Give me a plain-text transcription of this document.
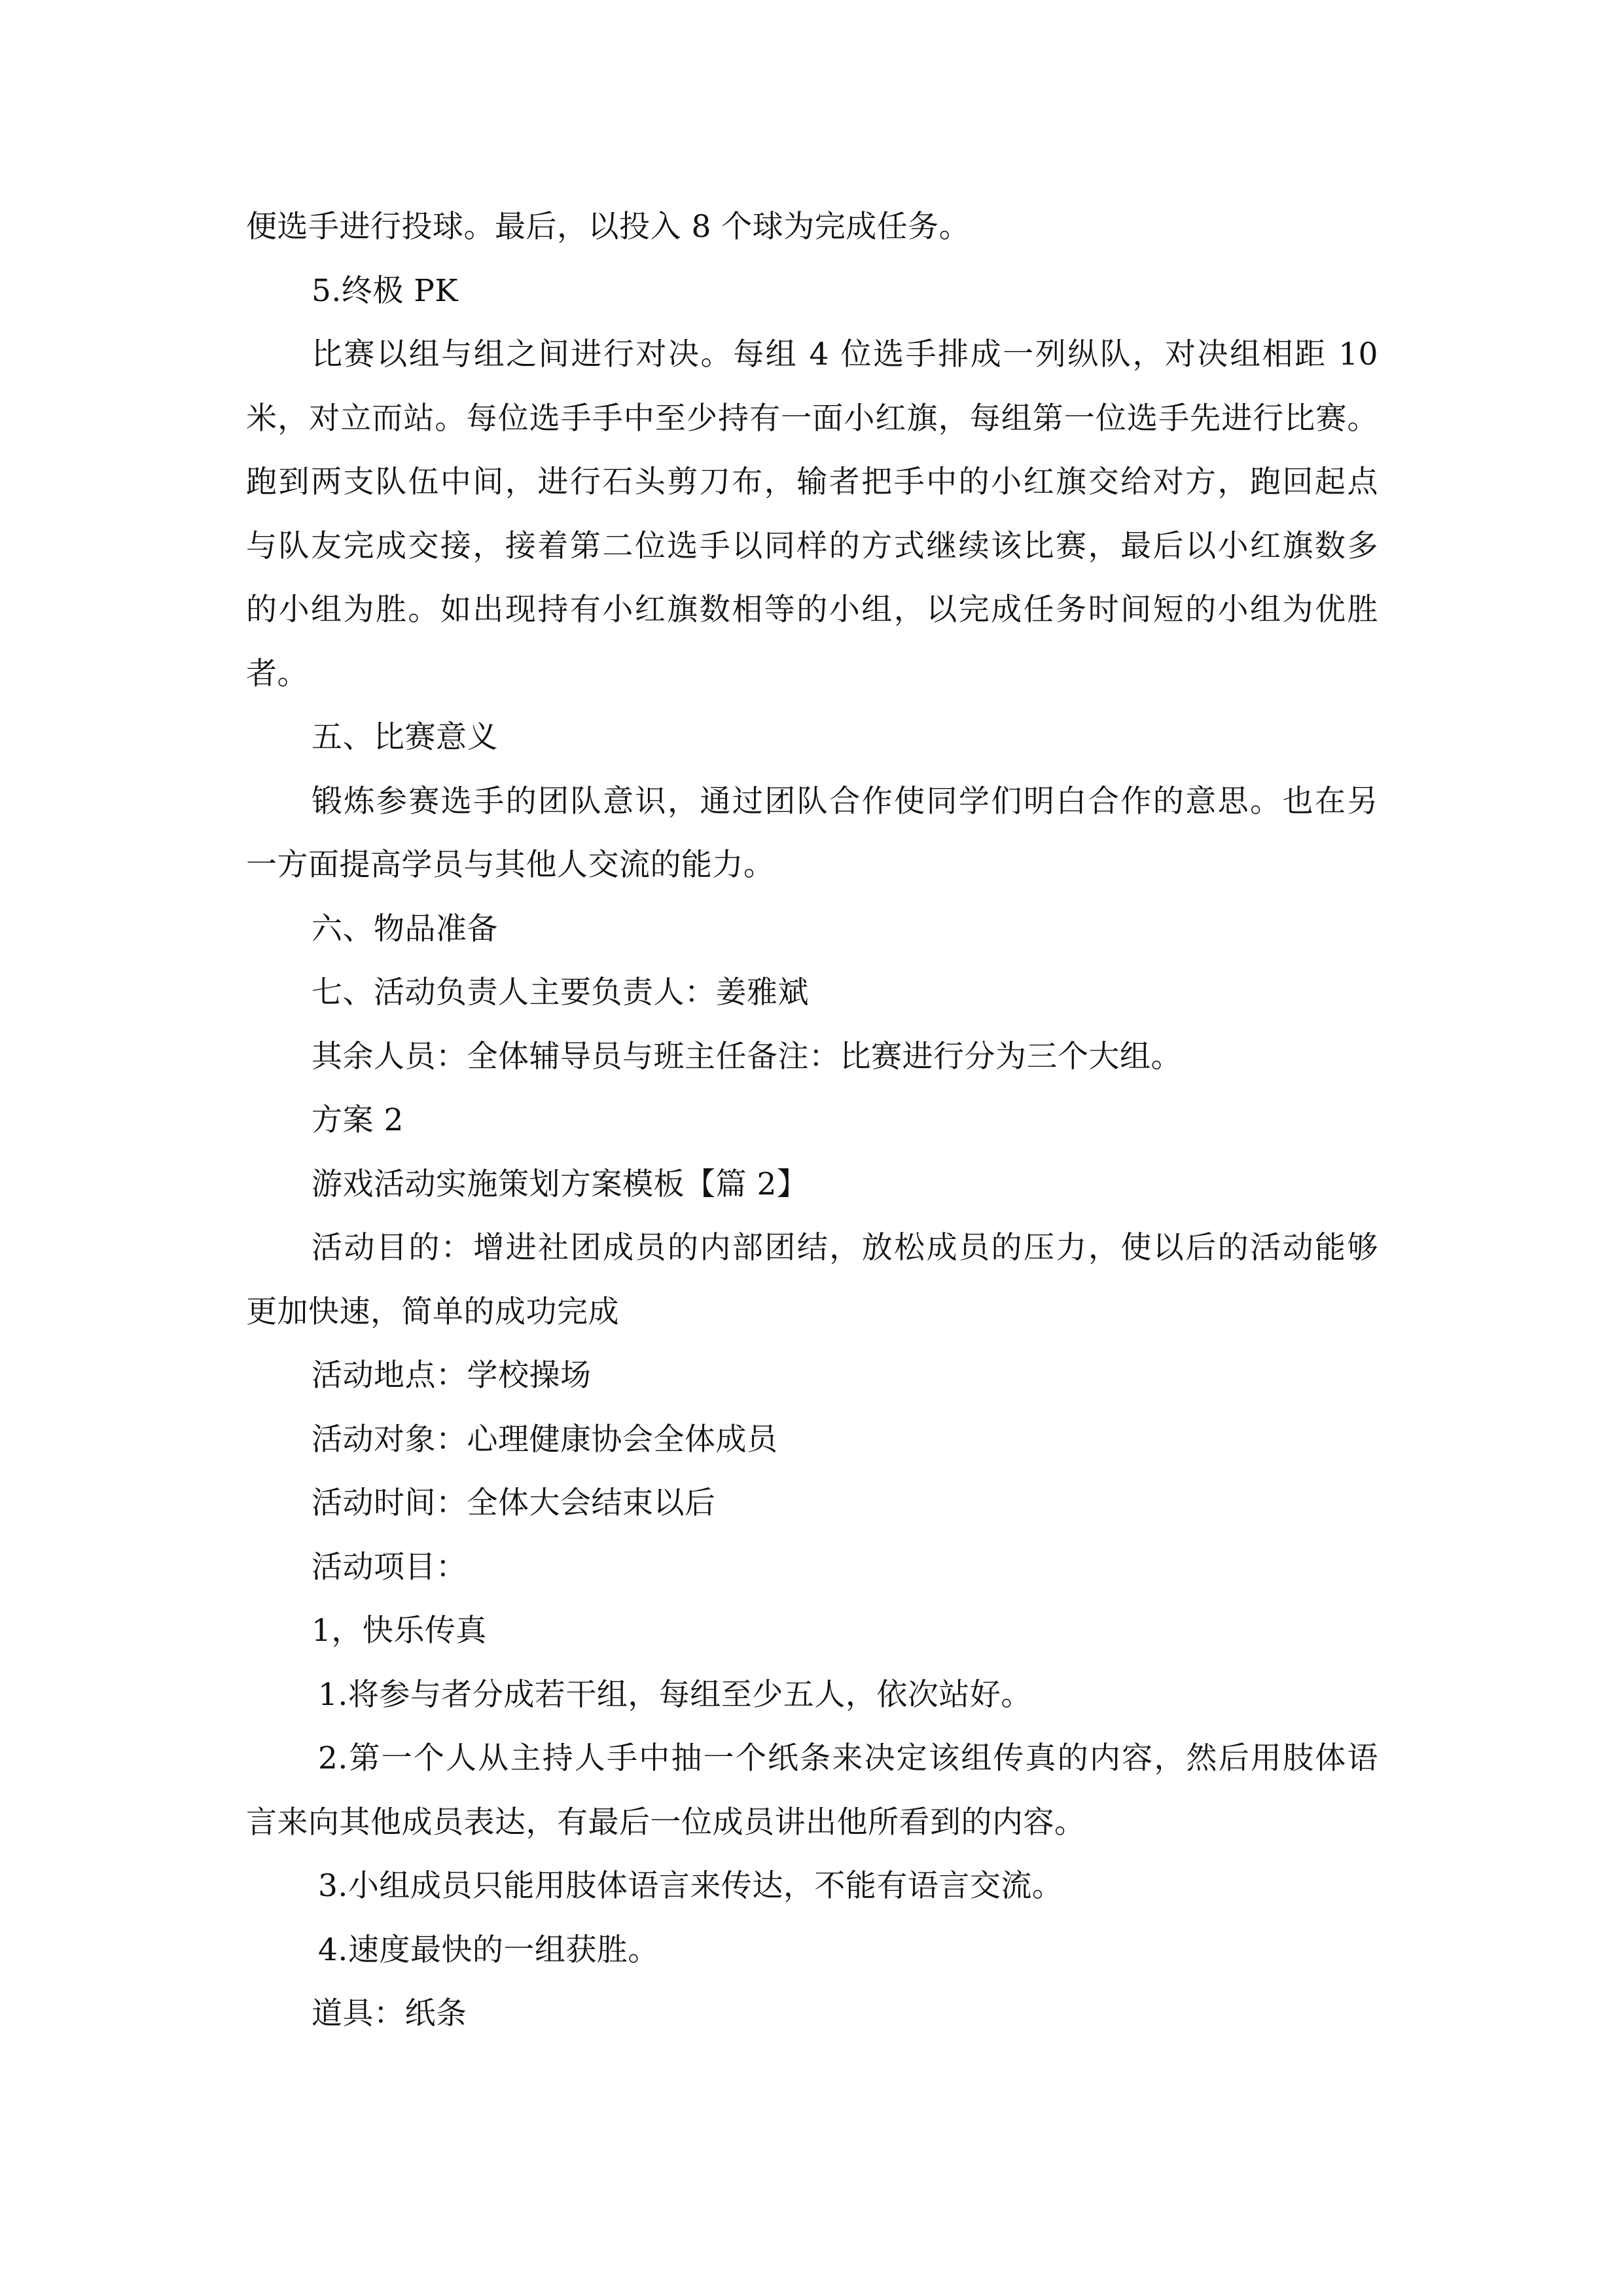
便选手进行投球。最后，以投入 8 个球为完成任务。

5.终极 PK

比赛以组与组之间进行对决。每组 4 位选手排成一列纵队，对决组相距 10

米，对立而站。每位选手手中至少持有一面小红旗，每组第一位选手先进行比赛。

跑到两支队伍中间，进行石头剪刀布，输者把手中的小红旗交给对方，跑回起点

与队友完成交接，接着第二位选手以同样的方式继续该比赛，最后以小红旗数多

的小组为胜。如出现持有小红旗数相等的小组，以完成任务时间短的小组为优胜

者。

五、比赛意义

锻炼参赛选手的团队意识，通过团队合作使同学们明白合作的意思。也在另

一方面提高学员与其他人交流的能力。

六、物品准备

七、活动负责人主要负责人：姜雅斌

其余人员：全体辅导员与班主任备注：比赛进行分为三个大组。

方案 2

游戏活动实施策划方案模板【篇 2】

活动目的：增进社团成员的内部团结，放松成员的压力，使以后的活动能够

更加快速，简单的成功完成

活动地点：学校操场

活动对象：心理健康协会全体成员

活动时间：全体大会结束以后

活动项目：

1，快乐传真

1.将参与者分成若干组，每组至少五人，依次站好。

2.第一个人从主持人手中抽一个纸条来决定该组传真的内容，然后用肢体语

言来向其他成员表达，有最后一位成员讲出他所看到的内容。

3.小组成员只能用肢体语言来传达，不能有语言交流。

4.速度最快的一组获胜。

道具：纸条
